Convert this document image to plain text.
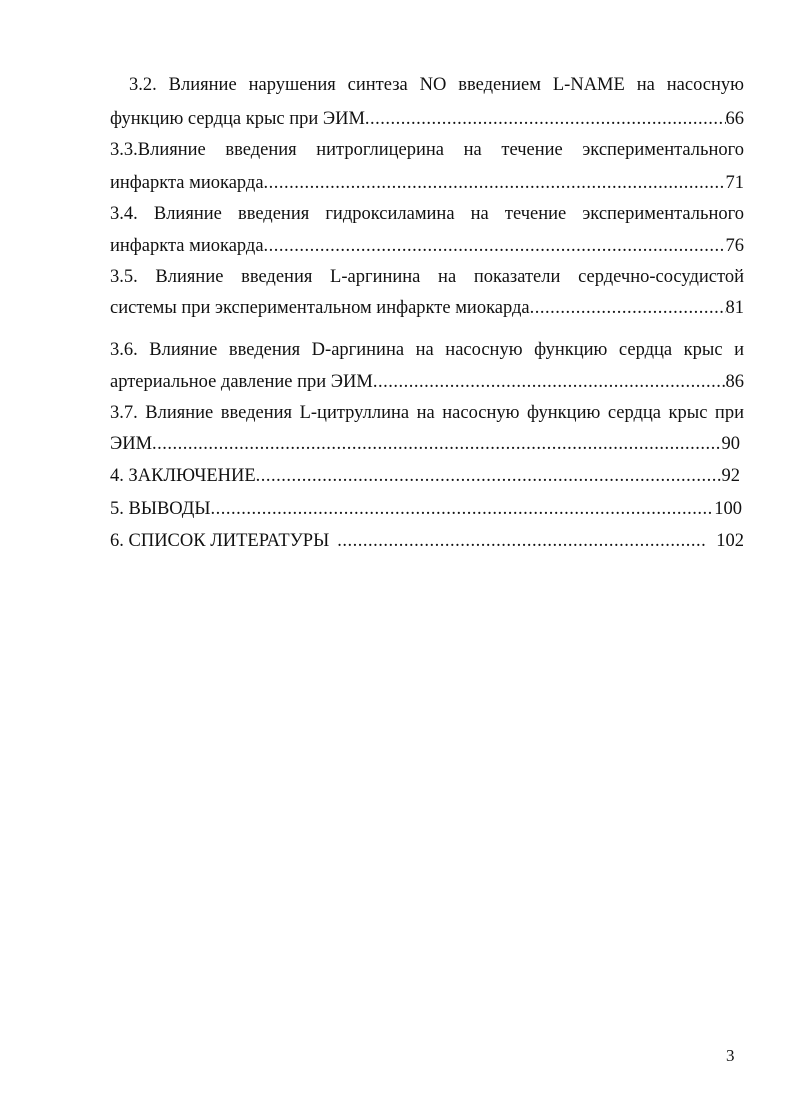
3.2. Влияние нарушения синтеза NO введением L-NAME на насосную
функцию сердца крыс при ЭИМ .....	66
3.3.Влияние введения нитроглицерина на течение экспериментального
инфаркта миокарда .....	71
3.4. Влияние введения гидроксиламина на течение экспериментального
инфаркта миокарда .....	76
3.5. Влияние введения L-аргинина на показатели сердечно-сосудистой
системы при экспериментальном инфаркте миокарда .....	81
3.6. Влияние введения D-аргинина на насосную функцию сердца крыс и
артериальное давление при ЭИМ .....	86
3.7. Влияние введения L-цитруллина на насосную функцию сердца крыс при
ЭИМ .....	90
4. ЗАКЛЮЧЕНИЕ .....	92
5. ВЫВОДЫ .....	100
6. СПИСОК ЛИТЕРАТУРЫ .....	102
3
